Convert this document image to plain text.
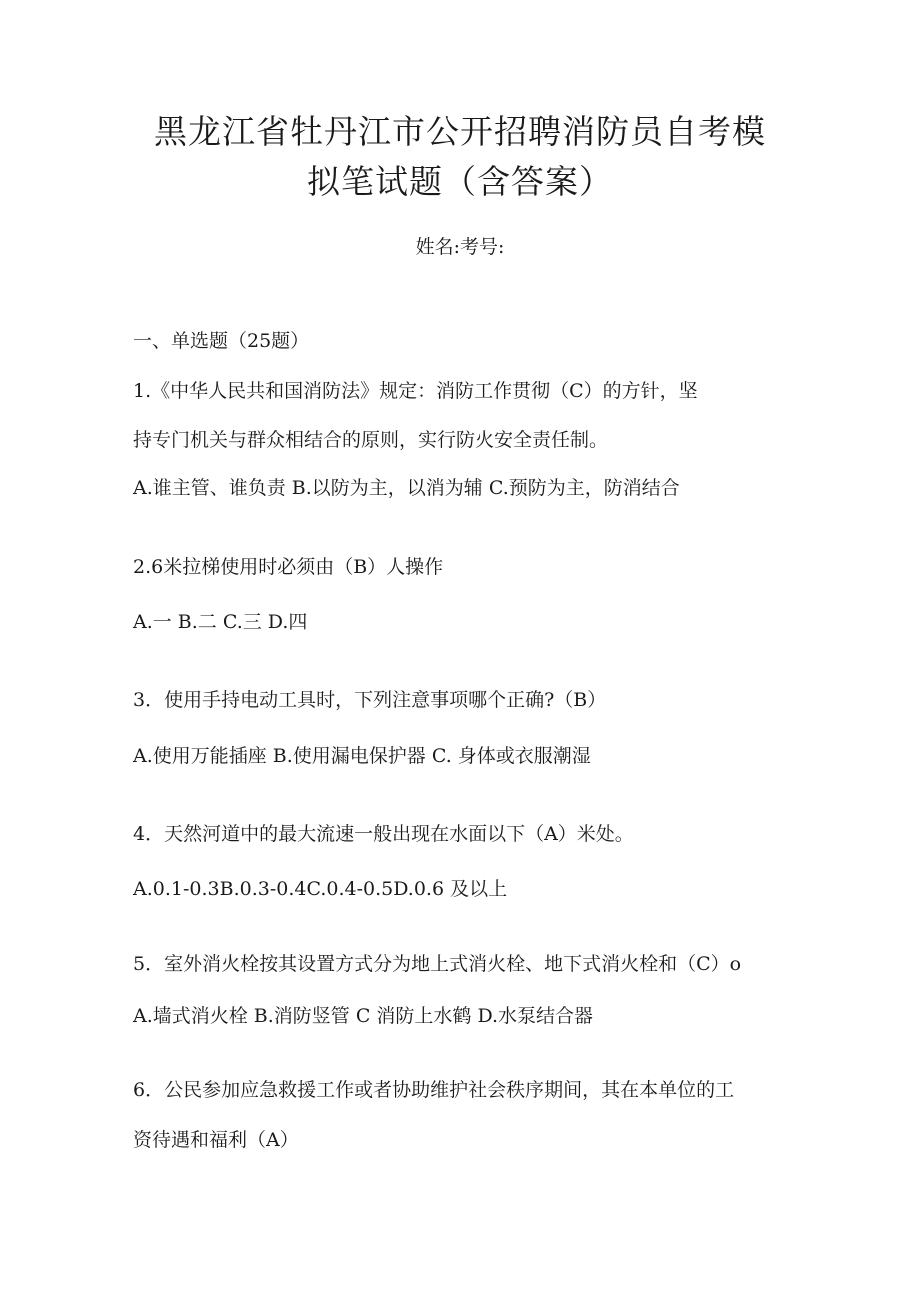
黑龙江省牡丹江市公开招聘消防员自考模
拟笔试题（含答案）
姓名:考号:
一、单选题（25题）
1.《中华人民共和国消防法》规定：消防工作贯彻（C）的方针，坚
持专门机关与群众相结合的原则，实行防火安全责任制。
A.谁主管、谁负责 B.以防为主，以消为辅 C.预防为主，防消结合
2.6米拉梯使用时必须由（B）人操作
A.一 B.二 C.三 D.四
3．使用手持电动工具时，下列注意事项哪个正确?（B）
A.使用万能插座 B.使用漏电保护器 C. 身体或衣服潮湿
4．天然河道中的最大流速一般出现在水面以下（A）米处。
A.0.1-0.3B.0.3-0.4C.0.4-0.5D.0.6 及以上
5．室外消火栓按其设置方式分为地上式消火栓、地下式消火栓和（C）o
A.墙式消火栓 B.消防竖管 C 消防上水鹤 D.水泵结合器
6．公民参加应急救援工作或者协助维护社会秩序期间，其在本单位的工
资待遇和福利（A）
